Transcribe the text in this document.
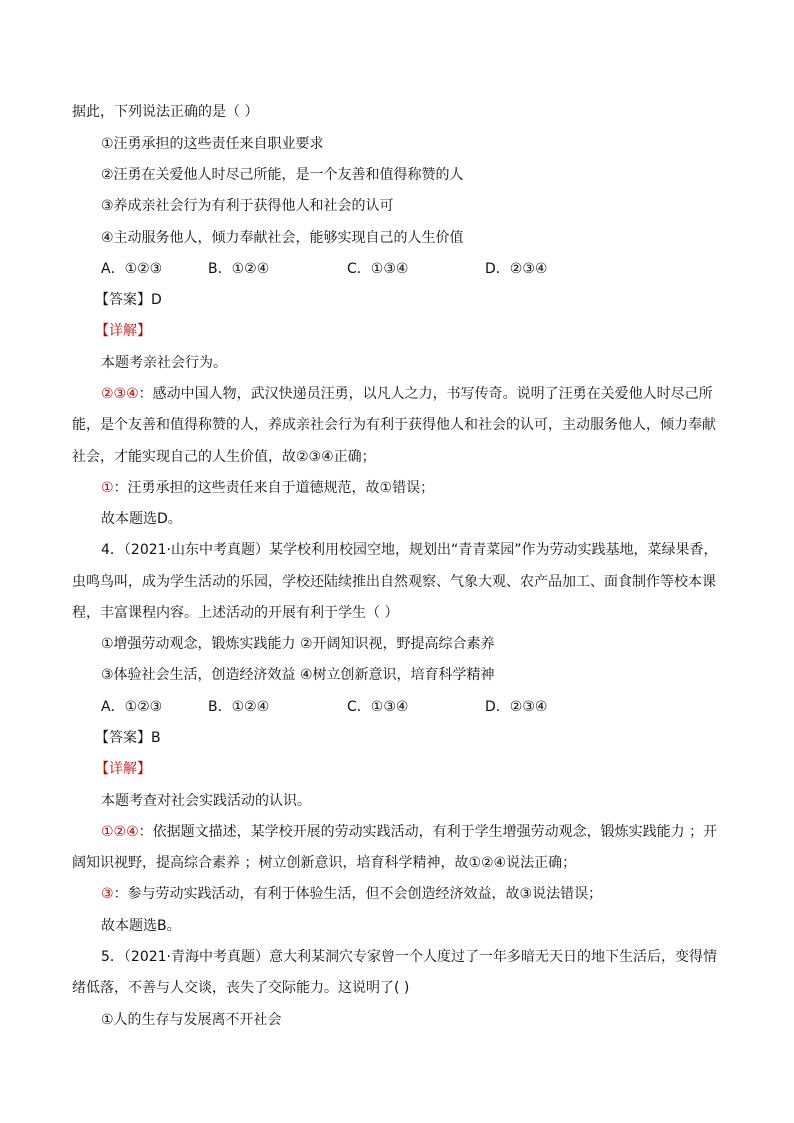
据此，下列说法正确的是（ ）
①汪勇承担的这些责任来自职业要求
②汪勇在关爱他人时尽己所能，是一个友善和值得称赞的人
③养成亲社会行为有利于获得他人和社会的认可
④主动服务他人，倾力奉献社会，能够实现自己的人生价值
A．①②③	B．①②④	C．①③④	D．②③④
【答案】D
【详解】
本题考亲社会行为。
②③④：感动中国人物，武汉快递员汪勇，以凡人之力，书写传奇。说明了汪勇在关爱他人时尽己所
能，是个友善和值得称赞的人，养成亲社会行为有利于获得他人和社会的认可，主动服务他人，倾力奉献
社会，才能实现自己的人生价值，故②③④正确；
①：汪勇承担的这些责任来自于道德规范，故①错误；
故本题选D。
4．（2021·山东中考真题）某学校利用校园空地，规划出“青青菜园”作为劳动实践基地，菜绿果香，
虫鸣鸟叫，成为学生活动的乐园，学校还陆续推出自然观察、气象大观、农产品加工、面食制作等校本课
程，丰富课程内容。上述活动的开展有利于学生（ ）
①增强劳动观念，锻炼实践能力 ②开阔知识视，野提高综合素养
③体验社会生活，创造经济效益 ④树立创新意识，培育科学精神
A．①②③	B．①②④	C．①③④	D．②③④
【答案】B
【详解】
本题考查对社会实践活动的认识。
①②④：依据题文描述，某学校开展的劳动实践活动，有利于学生增强劳动观念，锻炼实践能力 ；开
阔知识视野，提高综合素养 ；树立创新意识，培育科学精神，故①②④说法正确；
③：参与劳动实践活动，有利于体验生活，但不会创造经济效益，故③说法错误；
故本题选B。
5．（2021·青海中考真题）意大利某洞穴专家曾一个人度过了一年多暗无天日的地下生活后，变得情
绪低落，不善与人交谈，丧失了交际能力。这说明了( )
①人的生存与发展离不开社会
